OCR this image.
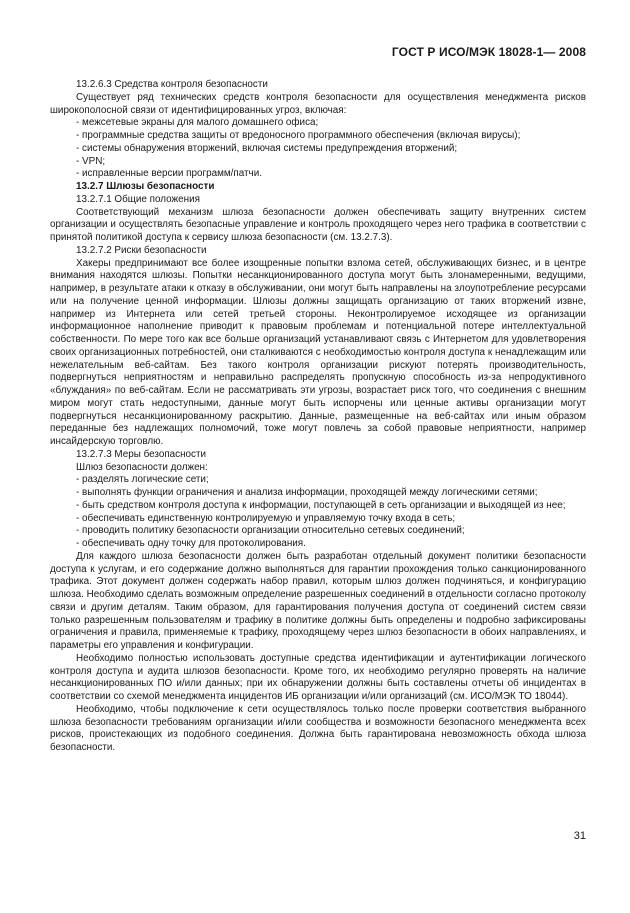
ГОСТ Р ИСО/МЭК 18028-1— 2008

13.2.6.3 Средства контроля безопасности

Существует ряд технических средств контроля безопасности для осуществления менеджмента рисков широкополосной связи от идентифицированных угроз, включая:

- межсетевые экраны для малого домашнего офиса;

- программные средства защиты от вредоносного программного обеспечения (включая вирусы);

- системы обнаружения вторжений, включая системы предупреждения вторжений;

- VPN;

- исправленные версии программ/патчи.

13.2.7 Шлюзы безопасности

13.2.7.1 Общие положения

Соответствующий механизм шлюза безопасности должен обеспечивать защиту внутренних систем организации и осуществлять безопасные управление и контроль проходящего через него трафика в соответствии с принятой политикой доступа к сервису шлюза безопасности (см. 13.2.7.3).

13.2.7.2 Риски безопасности

Хакеры предпринимают все более изощренные попытки взлома сетей, обслуживающих бизнес, и в центре внимания находятся шлюзы. Попытки несанкционированного доступа могут быть злонамеренными, ведущими, например, в результате атаки к отказу в обслуживании, они могут быть направлены на злоупотребление ресурсами или на получение ценной информации. Шлюзы должны защищать организацию от таких вторжений извне, например из Интернета или сетей третьей стороны. Неконтролируемое исходящее из организации информационное наполнение приводит к правовым проблемам и потенциальной потере интеллектуальной собственности. По мере того как все больше организаций устанавливают связь с Интернетом для удовлетворения своих организационных потребностей, они сталкиваются с необходимостью контроля доступа к ненадлежащим или нежелательным веб-сайтам. Без такого контроля организации рискуют потерять производительность, подвергнуться неприятностям и неправильно распределять пропускную способность из-за непродуктивного «блуждания» по веб-сайтам. Если не рассматривать эти угрозы, возрастает риск того, что соединения с внешним миром могут стать недоступными, данные могут быть испорчены или ценные активы организации могут подвергнуться несанкционированному раскрытию. Данные, размещенные на веб-сайтах или иным образом переданные без надлежащих полномочий, тоже могут повлечь за собой правовые неприятности, например инсайдерскую торговлю.

13.2.7.3 Меры безопасности

Шлюз безопасности должен:

- разделять логические сети;

- выполнять функции ограничения и анализа информации, проходящей между логическими сетями;

- быть средством контроля доступа к информации, поступающей в сеть организации и выходящей из нее;

- обеспечивать единственную контролируемую и управляемую точку входа в сеть;

- проводить политику безопасности организации относительно сетевых соединений;

- обеспечивать одну точку для протоколирования.

Для каждого шлюза безопасности должен быть разработан отдельный документ политики безопасности доступа к услугам, и его содержание должно выполняться для гарантии прохождения только санкционированного трафика. Этот документ должен содержать набор правил, которым шлюз должен подчиняться, и конфигурацию шлюза. Необходимо сделать возможным определение разрешенных соединений в отдельности согласно протоколу связи и другим деталям. Таким образом, для гарантирования получения доступа от соединений систем связи только разрешенным пользователям и трафику в политике должны быть определены и подробно зафиксированы ограничения и правила, применяемые к трафику, проходящему через шлюз безопасности в обоих направлениях, и параметры его управления и конфигурации.

Необходимо полностью использовать доступные средства идентификации и аутентификации логического контроля доступа и аудита шлюзов безопасности. Кроме того, их необходимо регулярно проверять на наличие несанкционированных ПО и/или данных; при их обнаружении должны быть составлены отчеты об инцидентах в соответствии со схемой менеджмента инцидентов ИБ организации и/или организаций (см. ИСО/МЭК ТО 18044).

Необходимо, чтобы подключение к сети осуществлялось только после проверки соответствия выбранного шлюза безопасности требованиям организации и/или сообщества и возможности безопасного менеджмента всех рисков, проистекающих из подобного соединения. Должна быть гарантирована невозможность обхода шлюза безопасности.

31
